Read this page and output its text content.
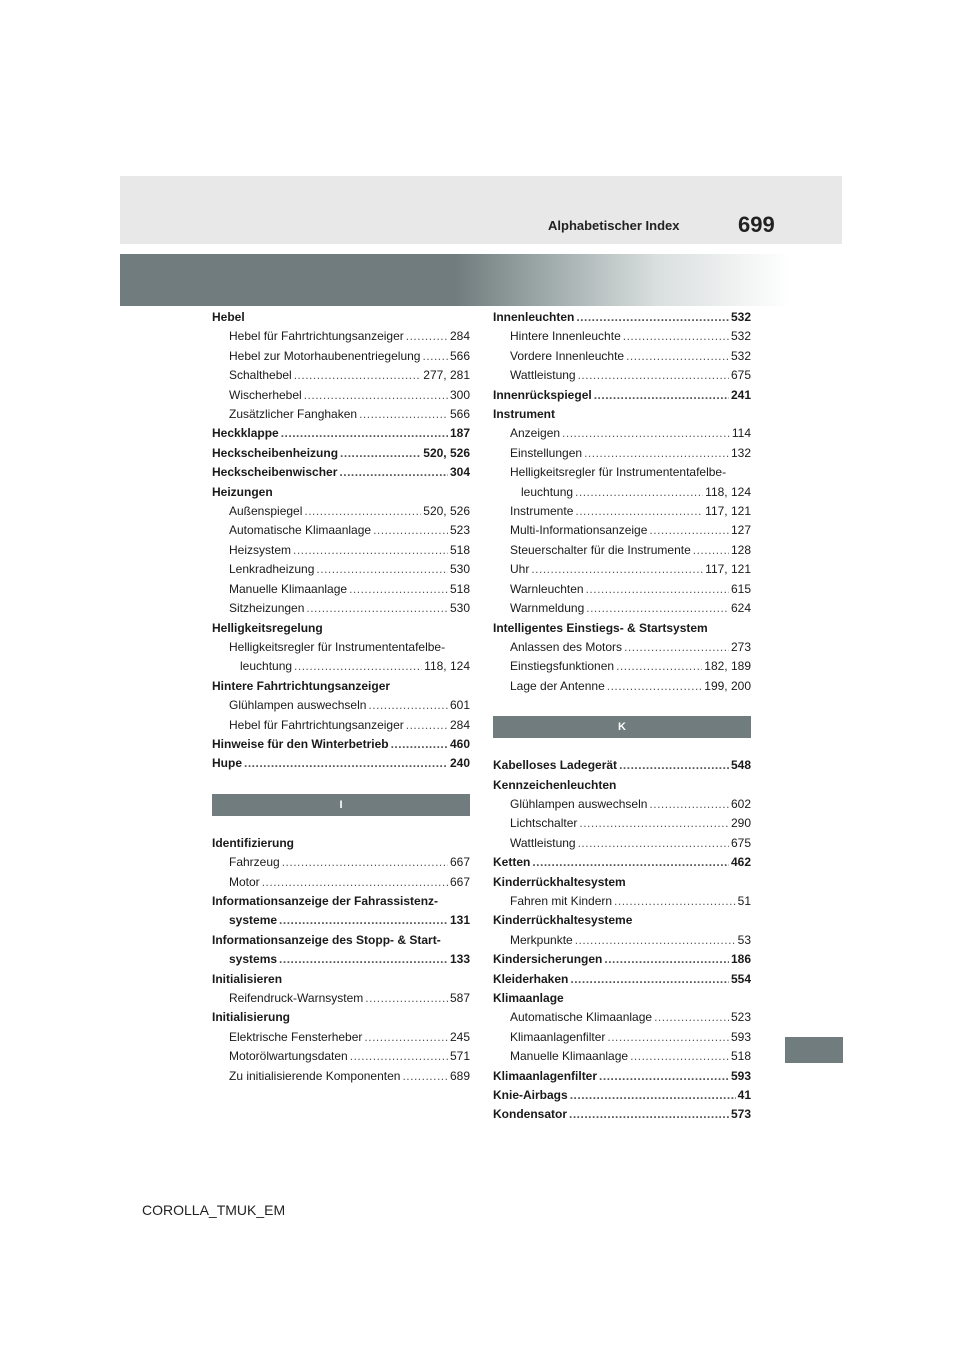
Alphabetischer Index	699
Hebel
Hebel für Fahrtrichtungsanzeiger .....	284
Hebel zur Motorhaubenentriegelung ..... 566
Schalthebel .....	277, 281
Wischerhebel .....	300
Zusätzlicher Fanghaken .....	566
Heckklappe .....	187
Heckscheibenheizung .....	520, 526
Heckscheibenwischer .....	304
Heizungen
Außenspiegel .....	520, 526
Automatische Klimaanlage .....	523
Heizsystem .....	518
Lenkradheizung .....	530
Manuelle Klimaanlage .....	518
Sitzheizungen .....	530
Helligkeitsregelung
Helligkeitsregler für Instrumententafelbe-
leuchtung .....	118, 124
Hintere Fahrtrichtungsanzeiger
Glühlampen auswechseln .....	601
Hebel für Fahrtrichtungsanzeiger .....	284
Hinweise für den Winterbetrieb .....	460
Hupe .....	240
I
Identifizierung
Fahrzeug .....	667
Motor .....	667
Informationsanzeige der Fahrassistenz-
systeme .....	131
Informationsanzeige des Stopp- & Start-
systems .....	133
Initialisieren
Reifendruck-Warnsystem .....	587
Initialisierung
Elektrische Fensterheber .....	245
Motorölwartungsdaten .....	571
Zu initialisierende Komponenten .....	689
Innenleuchten .....	532
Hintere Innenleuchte .....	532
Vordere Innenleuchte .....	532
Wattleistung .....	675
Innenrückspiegel .....	241
Instrument
Anzeigen .....	114
Einstellungen .....	132
Helligkeitsregler für Instrumententafelbe-
leuchtung .....	118, 124
Instrumente .....	117, 121
Multi-Informationsanzeige .....	127
Steuerschalter für die Instrumente .....	128
Uhr .....	117, 121
Warnleuchten .....	615
Warnmeldung .....	624
Intelligentes Einstiegs- & Startsystem
Anlassen des Motors .....	273
Einstiegsfunktionen .....	182, 189
Lage der Antenne .....	199, 200
K
Kabelloses Ladegerät .....	548
Kennzeichenleuchten
Glühlampen auswechseln .....	602
Lichtschalter .....	290
Wattleistung .....	675
Ketten .....	462
Kinderrückhaltesystem
Fahren mit Kindern .....	51
Kinderrückhaltesysteme
Merkpunkte .....	53
Kindersicherungen .....	186
Kleiderhaken .....	554
Klimaanlage
Automatische Klimaanlage .....	523
Klimaanlagenfilter .....	593
Manuelle Klimaanlage .....	518
Klimaanlagenfilter .....	593
Knie-Airbags .....	41
Kondensator .....	573
COROLLA_TMUK_EM
